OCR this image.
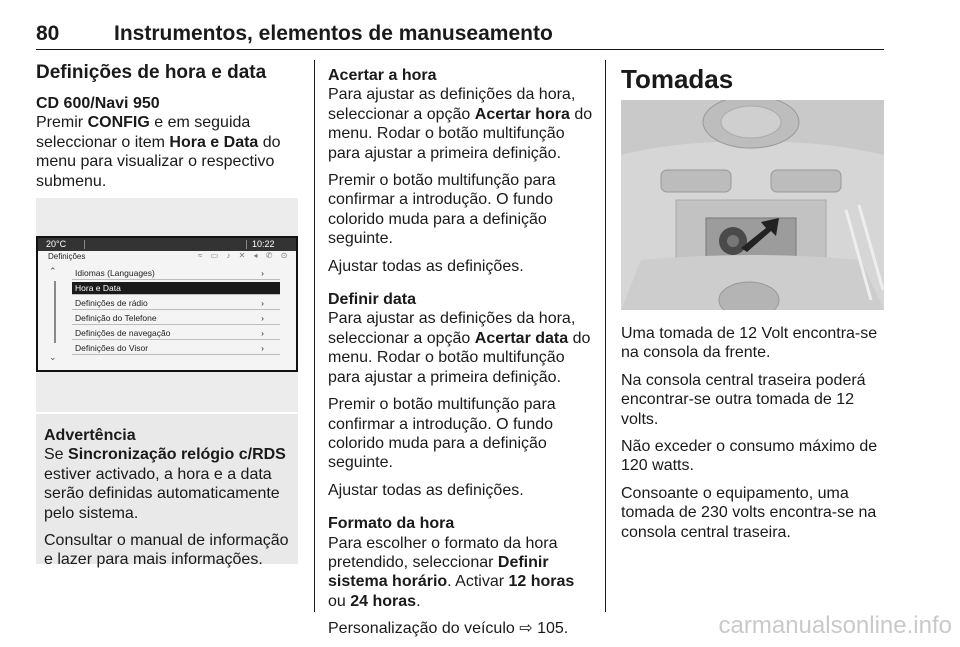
80	Instrumentos, elementos de manuseamento
Definições de hora e data
CD 600/Navi 950

Premir CONFIG e em seguida seleccionar o item Hora e Data do menu para visualizar o respectivo submenu.

20°C	10:22
Definições	≈ ▭ ♪ ✕ ◂ ✆ ⊙
⌃
⌄
Idiomas (Languages)	›
Hora e Data
Definições de rádio	›
Definição do Telefone	›
Definições de navegação	›
Definições do Visor	›
Advertência

Se Sincronização relógio c/RDS estiver activado, a hora e a data serão definidas automaticamente pelo sistema.

Consultar o manual de informação e lazer para mais informações.

Acertar a hora

Para ajustar as definições da hora, seleccionar a opção Acertar hora do menu. Rodar o botão multifunção para ajustar a primeira definição.

Premir o botão multifunção para confirmar a introdução. O fundo colorido muda para a definição seguinte.

Ajustar todas as definições.

Definir data

Para ajustar as definições da hora, seleccionar a opção Acertar data do menu. Rodar o botão multifunção para ajustar a primeira definição.

Premir o botão multifunção para confirmar a introdução. O fundo colorido muda para a definição seguinte.

Ajustar todas as definições.

Formato da hora

Para escolher o formato da hora pretendido, seleccionar Definir sistema horário. Activar 12 horas ou 24 horas.

Personalização do veículo ⇨ 105.

Tomadas

Uma tomada de 12 Volt encontra-se na consola da frente.

Na consola central traseira poderá encontrar-se outra tomada de 12 volts.

Não exceder o consumo máximo de 120 watts.

Consoante o equipamento, uma tomada de 230 volts encontra-se na consola central traseira.

carmanualsonline.info
